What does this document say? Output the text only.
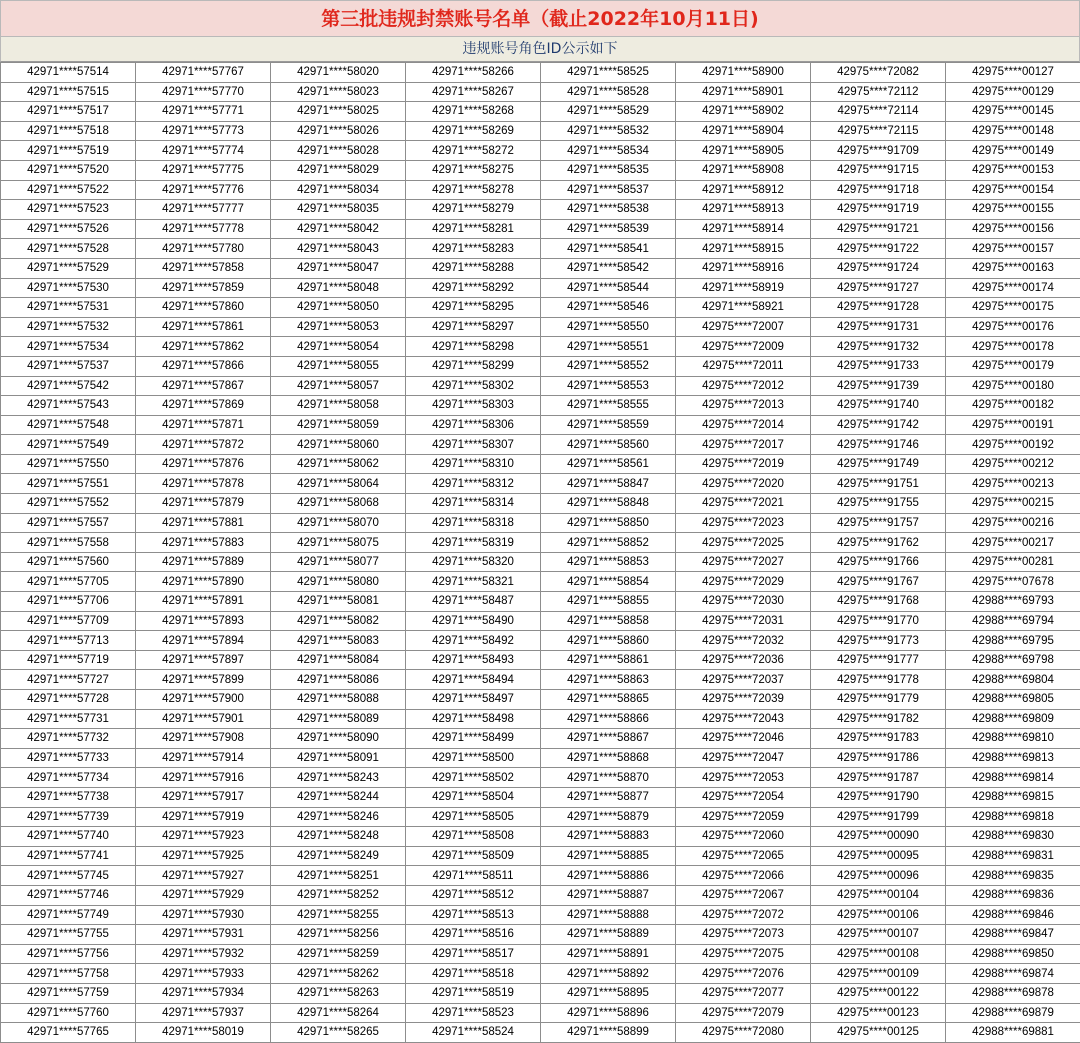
第三批违规封禁账号名单（截止2022年10月11日)
违规账号角色ID公示如下
42971****57514	42971****57767	42971****58020	42971****58266	42971****58525	42971****58900	42975****72082	42975****00127
42971****57515	42971****57770	42971****58023	42971****58267	42971****58528	42971****58901	42975****72112	42975****00129
42971****57517	42971****57771	42971****58025	42971****58268	42971****58529	42971****58902	42975****72114	42975****00145
42971****57518	42971****57773	42971****58026	42971****58269	42971****58532	42971****58904	42975****72115	42975****00148
42971****57519	42971****57774	42971****58028	42971****58272	42971****58534	42971****58905	42975****91709	42975****00149
42971****57520	42971****57775	42971****58029	42971****58275	42971****58535	42971****58908	42975****91715	42975****00153
42971****57522	42971****57776	42971****58034	42971****58278	42971****58537	42971****58912	42975****91718	42975****00154
42971****57523	42971****57777	42971****58035	42971****58279	42971****58538	42971****58913	42975****91719	42975****00155
42971****57526	42971****57778	42971****58042	42971****58281	42971****58539	42971****58914	42975****91721	42975****00156
42971****57528	42971****57780	42971****58043	42971****58283	42971****58541	42971****58915	42975****91722	42975****00157
42971****57529	42971****57858	42971****58047	42971****58288	42971****58542	42971****58916	42975****91724	42975****00163
42971****57530	42971****57859	42971****58048	42971****58292	42971****58544	42971****58919	42975****91727	42975****00174
42971****57531	42971****57860	42971****58050	42971****58295	42971****58546	42971****58921	42975****91728	42975****00175
42971****57532	42971****57861	42971****58053	42971****58297	42971****58550	42975****72007	42975****91731	42975****00176
42971****57534	42971****57862	42971****58054	42971****58298	42971****58551	42975****72009	42975****91732	42975****00178
42971****57537	42971****57866	42971****58055	42971****58299	42971****58552	42975****72011	42975****91733	42975****00179
42971****57542	42971****57867	42971****58057	42971****58302	42971****58553	42975****72012	42975****91739	42975****00180
42971****57543	42971****57869	42971****58058	42971****58303	42971****58555	42975****72013	42975****91740	42975****00182
42971****57548	42971****57871	42971****58059	42971****58306	42971****58559	42975****72014	42975****91742	42975****00191
42971****57549	42971****57872	42971****58060	42971****58307	42971****58560	42975****72017	42975****91746	42975****00192
42971****57550	42971****57876	42971****58062	42971****58310	42971****58561	42975****72019	42975****91749	42975****00212
42971****57551	42971****57878	42971****58064	42971****58312	42971****58847	42975****72020	42975****91751	42975****00213
42971****57552	42971****57879	42971****58068	42971****58314	42971****58848	42975****72021	42975****91755	42975****00215
42971****57557	42971****57881	42971****58070	42971****58318	42971****58850	42975****72023	42975****91757	42975****00216
42971****57558	42971****57883	42971****58075	42971****58319	42971****58852	42975****72025	42975****91762	42975****00217
42971****57560	42971****57889	42971****58077	42971****58320	42971****58853	42975****72027	42975****91766	42975****00281
42971****57705	42971****57890	42971****58080	42971****58321	42971****58854	42975****72029	42975****91767	42975****07678
42971****57706	42971****57891	42971****58081	42971****58487	42971****58855	42975****72030	42975****91768	42988****69793
42971****57709	42971****57893	42971****58082	42971****58490	42971****58858	42975****72031	42975****91770	42988****69794
42971****57713	42971****57894	42971****58083	42971****58492	42971****58860	42975****72032	42975****91773	42988****69795
42971****57719	42971****57897	42971****58084	42971****58493	42971****58861	42975****72036	42975****91777	42988****69798
42971****57727	42971****57899	42971****58086	42971****58494	42971****58863	42975****72037	42975****91778	42988****69804
42971****57728	42971****57900	42971****58088	42971****58497	42971****58865	42975****72039	42975****91779	42988****69805
42971****57731	42971****57901	42971****58089	42971****58498	42971****58866	42975****72043	42975****91782	42988****69809
42971****57732	42971****57908	42971****58090	42971****58499	42971****58867	42975****72046	42975****91783	42988****69810
42971****57733	42971****57914	42971****58091	42971****58500	42971****58868	42975****72047	42975****91786	42988****69813
42971****57734	42971****57916	42971****58243	42971****58502	42971****58870	42975****72053	42975****91787	42988****69814
42971****57738	42971****57917	42971****58244	42971****58504	42971****58877	42975****72054	42975****91790	42988****69815
42971****57739	42971****57919	42971****58246	42971****58505	42971****58879	42975****72059	42975****91799	42988****69818
42971****57740	42971****57923	42971****58248	42971****58508	42971****58883	42975****72060	42975****00090	42988****69830
42971****57741	42971****57925	42971****58249	42971****58509	42971****58885	42975****72065	42975****00095	42988****69831
42971****57745	42971****57927	42971****58251	42971****58511	42971****58886	42975****72066	42975****00096	42988****69835
42971****57746	42971****57929	42971****58252	42971****58512	42971****58887	42975****72067	42975****00104	42988****69836
42971****57749	42971****57930	42971****58255	42971****58513	42971****58888	42975****72072	42975****00106	42988****69846
42971****57755	42971****57931	42971****58256	42971****58516	42971****58889	42975****72073	42975****00107	42988****69847
42971****57756	42971****57932	42971****58259	42971****58517	42971****58891	42975****72075	42975****00108	42988****69850
42971****57758	42971****57933	42971****58262	42971****58518	42971****58892	42975****72076	42975****00109	42988****69874
42971****57759	42971****57934	42971****58263	42971****58519	42971****58895	42975****72077	42975****00122	42988****69878
42971****57760	42971****57937	42971****58264	42971****58523	42971****58896	42975****72079	42975****00123	42988****69879
42971****57765	42971****58019	42971****58265	42971****58524	42971****58899	42975****72080	42975****00125	42988****69881
